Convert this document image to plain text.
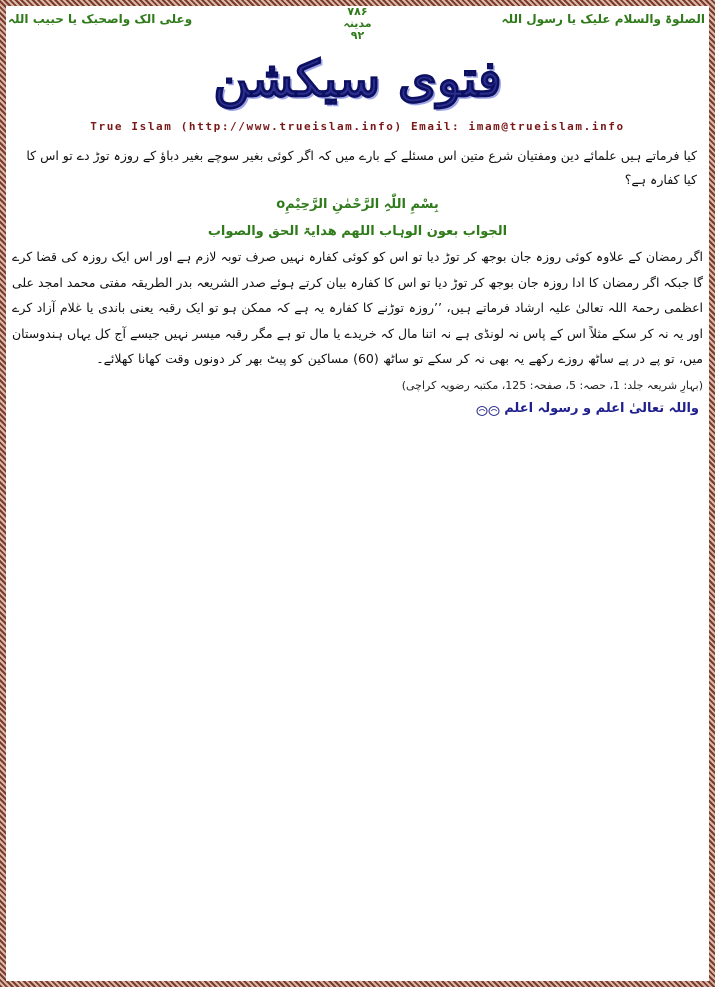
الصلوۃ والسلام علیک یا رسول اللہ
وعلی الک واصحبک یا حبیب اللہ
۷۸۶
مدینہ
۹۲
فتوی سیکشن
True Islam (http://www.trueislam.info) Email: imam@trueislam.info

کیا فرماتے ہیں علمائے دین ومفتیان شرع متین اس مسئلے کے بارے میں کہ اگر کوئی بغیر سوچے بغیر دباؤ کے روزہ توڑ دے تو اس کا کیا کفارہ ہے؟

بِسْمِ اللّٰہِ الرَّحْمٰنِ الرَّحِیْمِo
الجواب بعون الوہاب اللھم ھدایۃ الحق والصواب

اگر رمضان کے علاوہ کوئی روزہ جان بوجھ کر توڑ دیا تو اس کو کوئی کفارہ نہیں صرف توبہ لازم ہے اور اس ایک روزہ کی قضا کرے گا جبکہ اگر رمضان کا ادا روزہ جان بوجھ کر توڑ دیا تو اس کا کفارہ بیان کرتے ہوئے صدر الشریعہ بدر الطریقہ مفتی محمد امجد علی اعظمی رحمۃ اللہ تعالیٰ علیہ ارشاد فرماتے ہیں، ’’روزہ توڑنے کا کفارہ یہ ہے کہ ممکن ہو تو ایک رقبہ یعنی باندی یا غلام آزاد کرے اور یہ نہ کر سکے مثلاً اس کے پاس نہ لونڈی ہے نہ اتنا مال کہ خریدے یا مال تو ہے مگر رقبہ میسر نہیں جیسے آج کل یہاں ہندوستان میں، تو پے در پے ساٹھ روزے رکھے یہ بھی نہ کر سکے تو ساٹھ (60) مساکین کو پیٹ بھر کر دونوں وقت کھانا کھلائے۔                    (بہارِ شریعہ جلد: 1، حصہ: 5، صفحہ: 125، مکتبہ رضویہ کراچی)

واللہ تعالیٰ اعلم و رسولہ اعلم
